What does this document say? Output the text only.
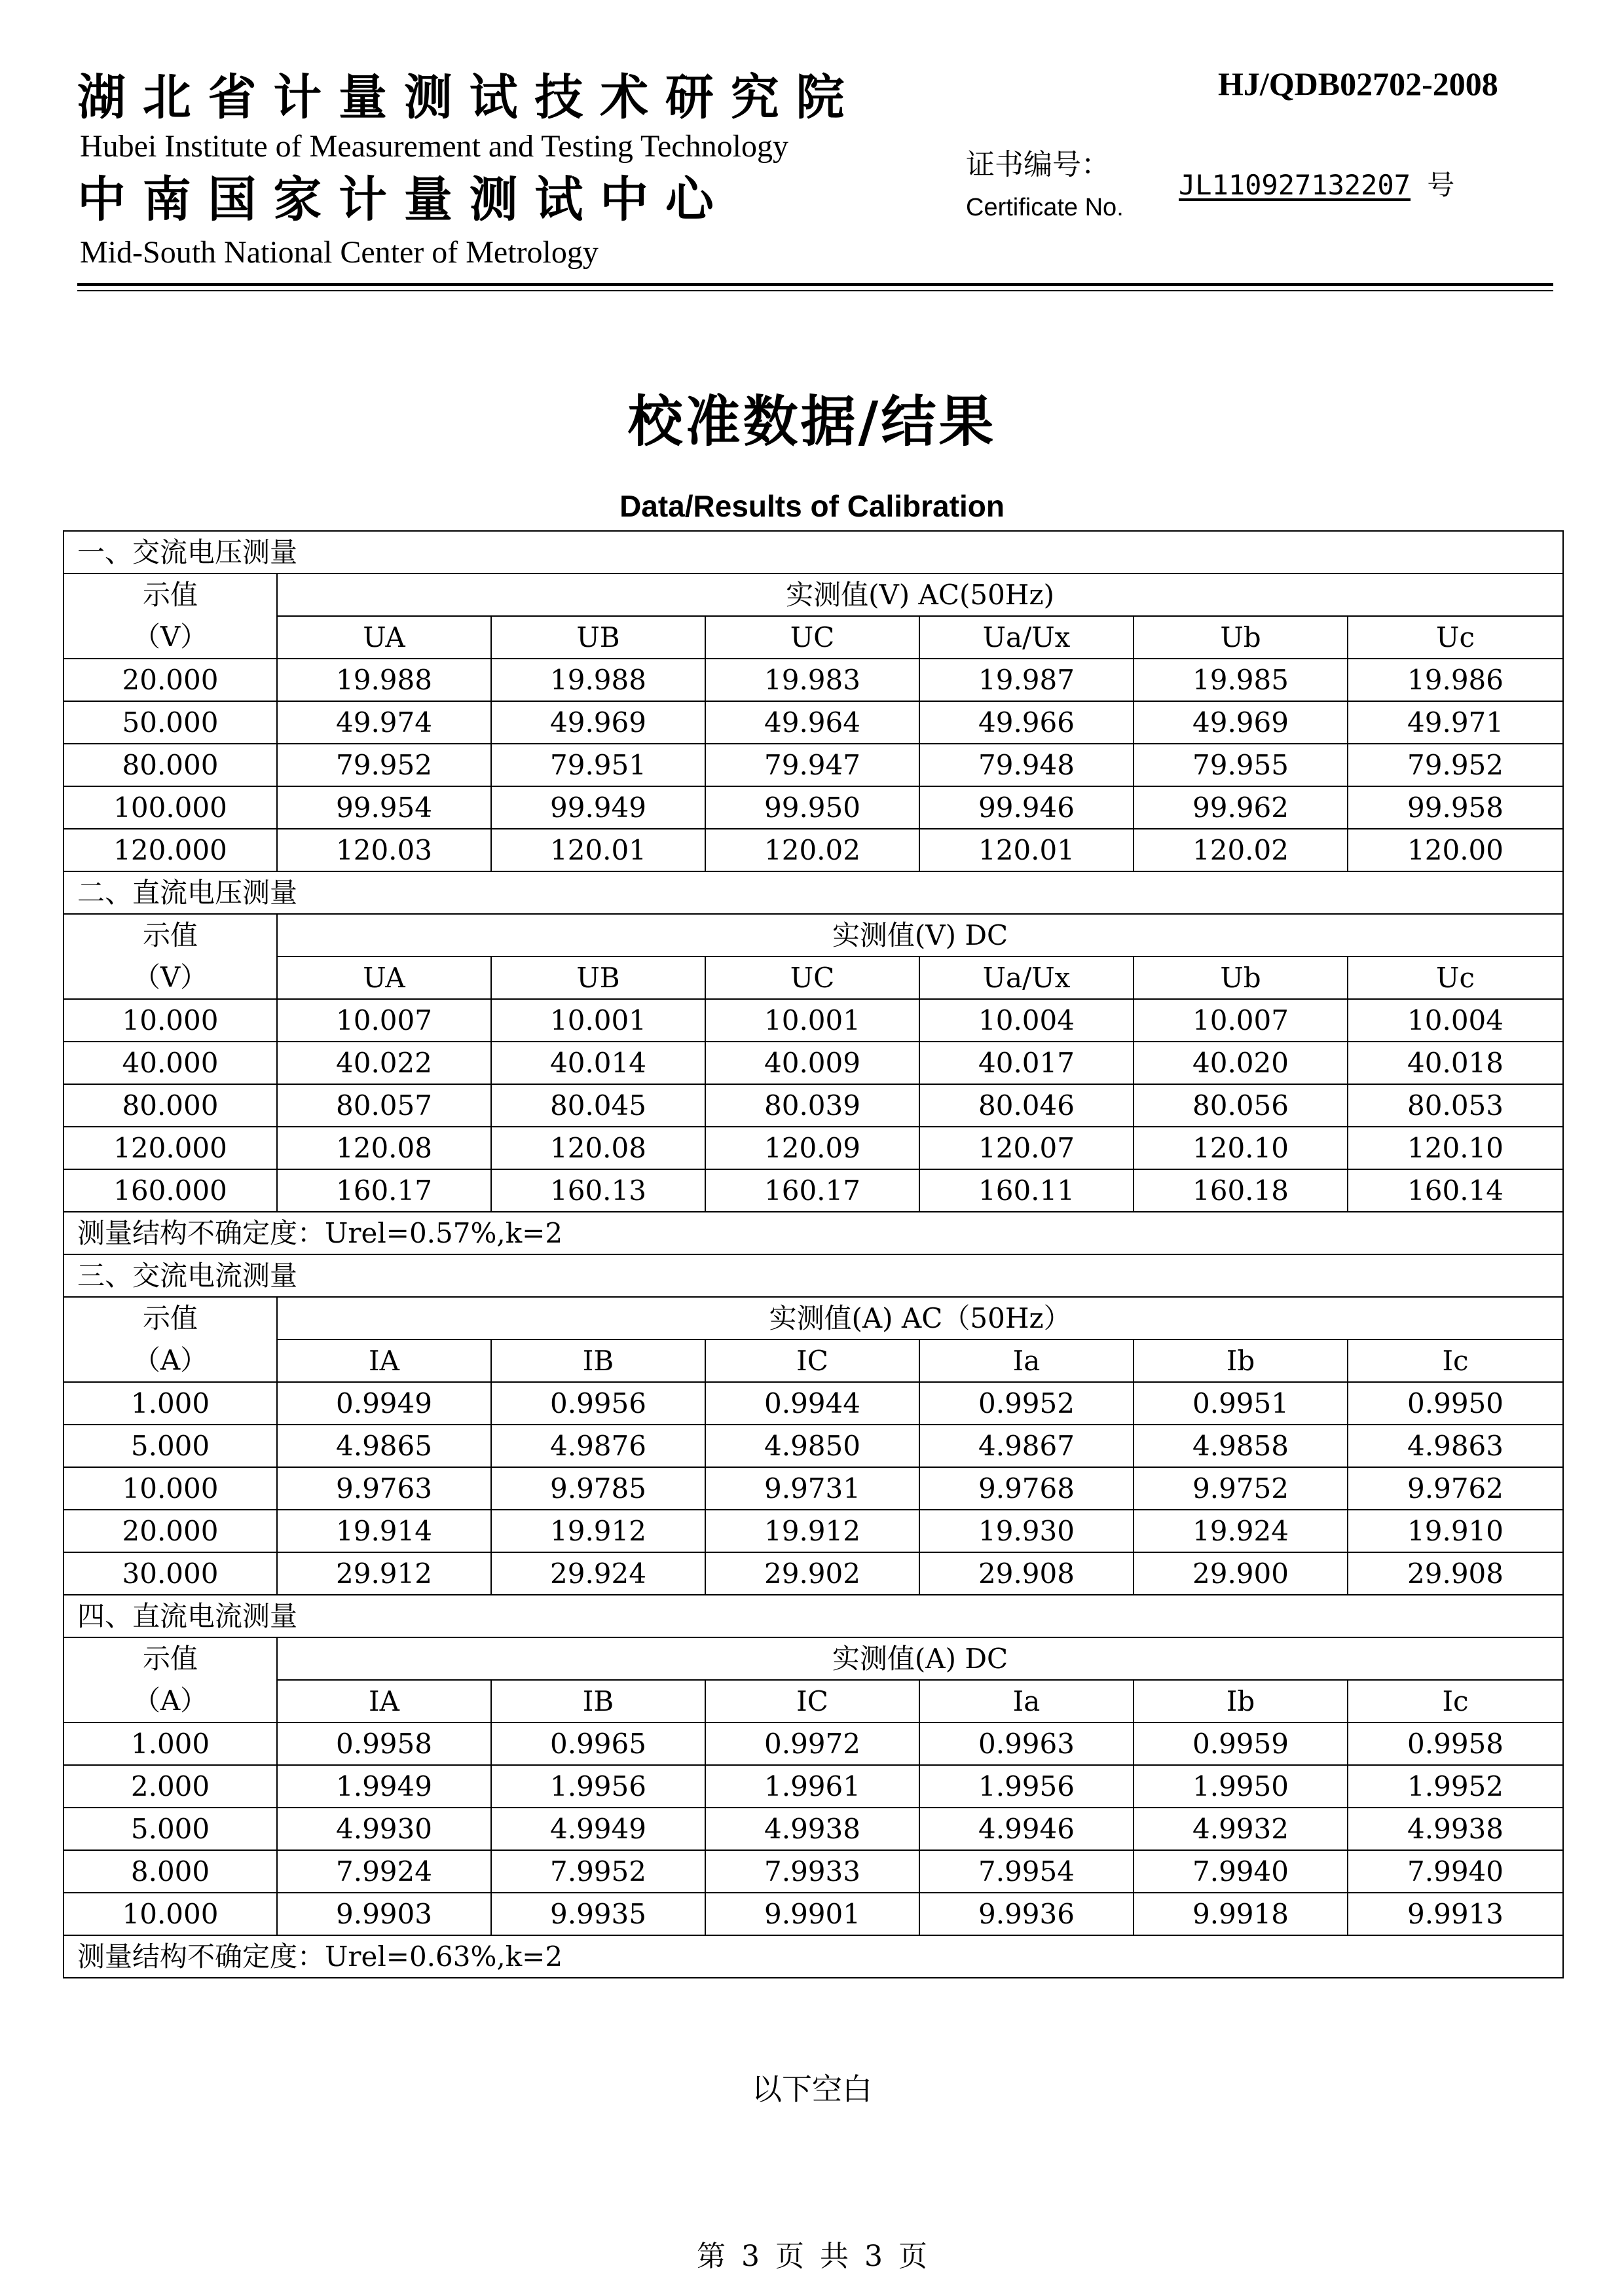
湖 北 省 计 量 测 试 技 术 研 究 院
Hubei Institute of Measurement and Testing Technology
中 南 国 家 计 量 测 试 中 心
Mid-South National Center of Metrology
HJ/QDB02702-2008
证书编号：
Certificate No.
JL110927132207 号
校准数据/结果
Data/Results of Calibration
一、交流电压测量						
示值	实测值(V) AC(50Hz)					
（V）	UA	UB	UC	Ua/Ux	Ub	Uc
20.000	19.988	19.988	19.983	19.987	19.985	19.986
50.000	49.974	49.969	49.964	49.966	49.969	49.971
80.000	79.952	79.951	79.947	79.948	79.955	79.952
100.000	99.954	99.949	99.950	99.946	99.962	99.958
120.000	120.03	120.01	120.02	120.01	120.02	120.00
二、直流电压测量						
示值	实测值(V) DC					
（V）	UA	UB	UC	Ua/Ux	Ub	Uc
10.000	10.007	10.001	10.001	10.004	10.007	10.004
40.000	40.022	40.014	40.009	40.017	40.020	40.018
80.000	80.057	80.045	80.039	80.046	80.056	80.053
120.000	120.08	120.08	120.09	120.07	120.10	120.10
160.000	160.17	160.13	160.17	160.11	160.18	160.14
测量结构不确定度：Urel=0.57%,k=2						
三、交流电流测量						
示值	实测值(A) AC（50Hz）					
（A）	IA	IB	IC	Ia	Ib	Ic
1.000	0.9949	0.9956	0.9944	0.9952	0.9951	0.9950
5.000	4.9865	4.9876	4.9850	4.9867	4.9858	4.9863
10.000	9.9763	9.9785	9.9731	9.9768	9.9752	9.9762
20.000	19.914	19.912	19.912	19.930	19.924	19.910
30.000	29.912	29.924	29.902	29.908	29.900	29.908
四、直流电流测量						
示值	实测值(A) DC					
（A）	IA	IB	IC	Ia	Ib	Ic
1.000	0.9958	0.9965	0.9972	0.9963	0.9959	0.9958
2.000	1.9949	1.9956	1.9961	1.9956	1.9950	1.9952
5.000	4.9930	4.9949	4.9938	4.9946	4.9932	4.9938
8.000	7.9924	7.9952	7.9933	7.9954	7.9940	7.9940
10.000	9.9903	9.9935	9.9901	9.9936	9.9918	9.9913
测量结构不确定度：Urel=0.63%,k=2						
以下空白
第 3 页 共 3 页
